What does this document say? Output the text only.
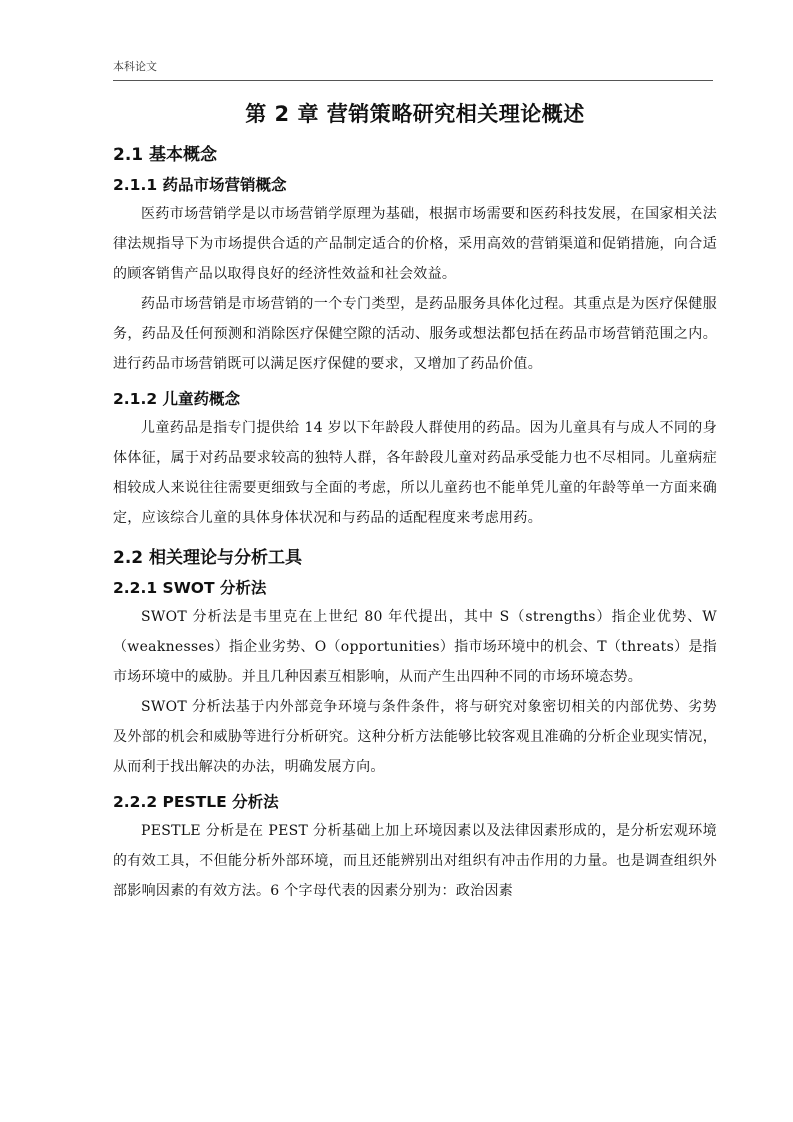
本科论文
第 2 章 营销策略研究相关理论概述
2.1 基本概念
2.1.1 药品市场营销概念

医药市场营销学是以市场营销学原理为基础，根据市场需要和医药科技发展，在国家相关法律法规指导下为市场提供合适的产品制定适合的价格，采用高效的营销渠道和促销措施，向合适的顾客销售产品以取得良好的经济性效益和社会效益。

药品市场营销是市场营销的一个专门类型，是药品服务具体化过程。其重点是为医疗保健服务，药品及任何预测和消除医疗保健空隙的活动、服务或想法都包括在药品市场营销范围之内。进行药品市场营销既可以满足医疗保健的要求，又增加了药品价值。

2.1.2 儿童药概念

儿童药品是指专门提供给 14 岁以下年龄段人群使用的药品。因为儿童具有与成人不同的身体体征，属于对药品要求较高的独特人群，各年龄段儿童对药品承受能力也不尽相同。儿童病症相较成人来说往往需要更细致与全面的考虑，所以儿童药也不能单凭儿童的年龄等单一方面来确定，应该综合儿童的具体身体状况和与药品的适配程度来考虑用药。

2.2 相关理论与分析工具
2.2.1 SWOT 分析法

SWOT 分析法是韦里克在上世纪 80 年代提出，其中 S（strengths）指企业优势、W（weaknesses）指企业劣势、O（opportunities）指市场环境中的机会、T（threats）是指市场环境中的威胁。并且几种因素互相影响，从而产生出四种不同的市场环境态势。

SWOT 分析法基于内外部竞争环境与条件条件，将与研究对象密切相关的内部优势、劣势及外部的机会和威胁等进行分析研究。这种分析方法能够比较客观且准确的分析企业现实情况，从而利于找出解决的办法，明确发展方向。

2.2.2 PESTLE 分析法

PESTLE 分析是在 PEST 分析基础上加上环境因素以及法律因素形成的，是分析宏观环境的有效工具，不但能分析外部环境，而且还能辨别出对组织有冲击作用的力量。也是调查组织外部影响因素的有效方法。6 个字母代表的因素分别为：政治因素
